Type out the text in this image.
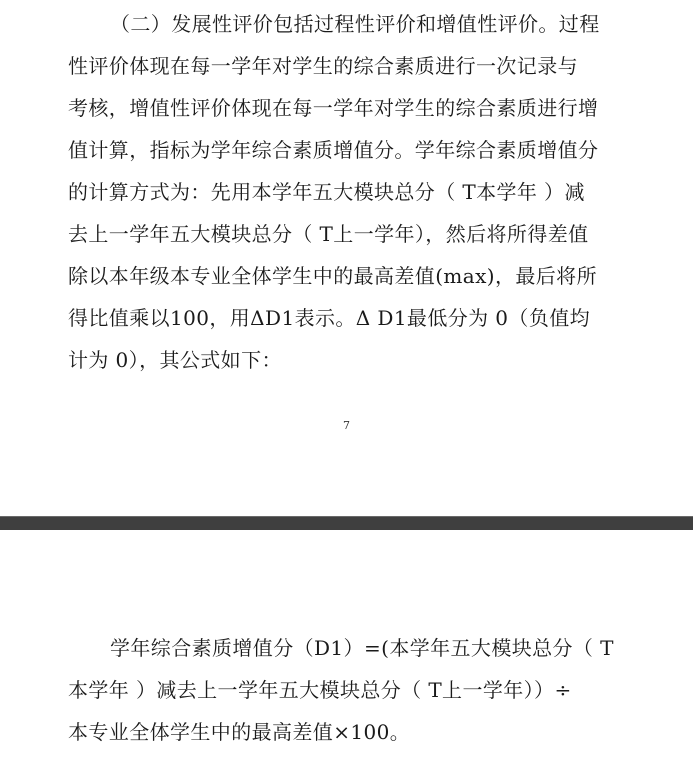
（二）发展性评价包括过程性评价和增值性评价。过程
性评价体现在每一学年对学生的综合素质进行一次记录与
考核，增值性评价体现在每一学年对学生的综合素质进行增
值计算，指标为学年综合素质增值分。学年综合素质增值分
的计算方式为：先用本学年五大模块总分（ T本学年 ）减
去上一学年五大模块总分（ T上一学年），然后将所得差值
除以本年级本专业全体学生中的最高差值(max)，最后将所
得比值乘以100，用ΔD1表示。Δ D1最低分为 0（负值均
计为 0），其公式如下：
7
学年综合素质增值分（D1）=(本学年五大模块总分（ T
本学年 ）减去上一学年五大模块总分（ T上一学年））÷
本专业全体学生中的最高差值×100。
